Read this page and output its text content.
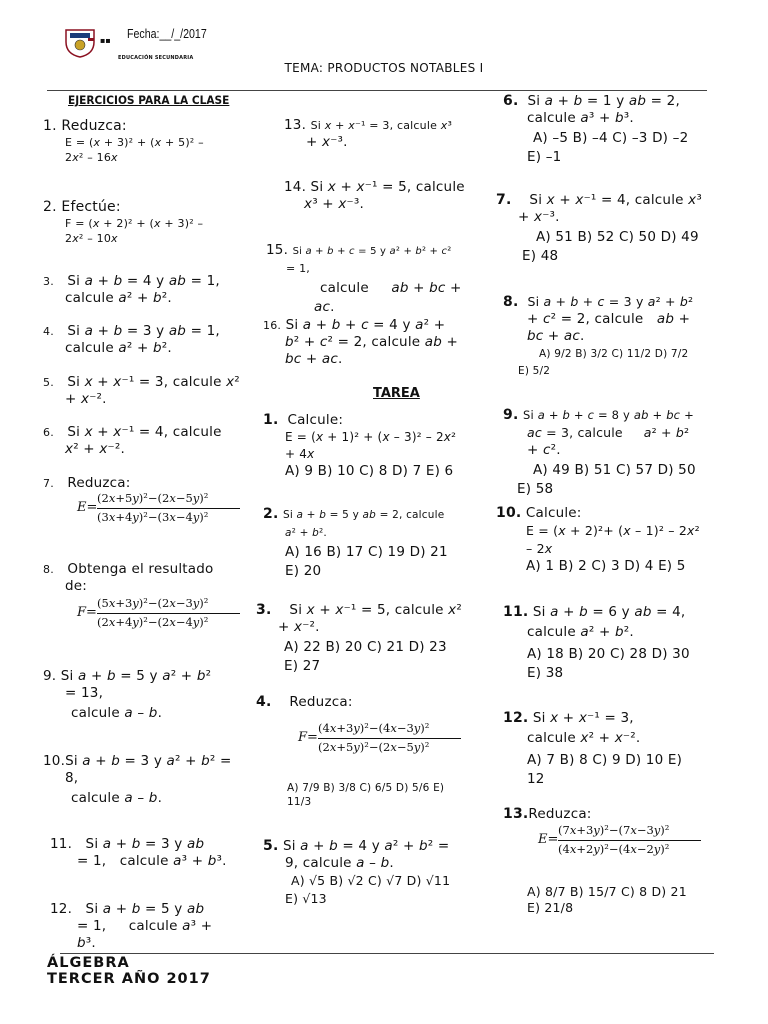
▪▪
EDUCACIÓN SECUNDARIA
Fecha:__/_/2017
TEMA: PRODUCTOS NOTABLES I
EJERCICIOS PARA LA CLASE
1. Reduzca:
E = (x + 3)² + (x + 5)² –
2x² – 16x
2. Efectúe:
F = (x + 2)² + (x + 3)² –
2x² – 10x
3.   Si a + b = 4 y ab = 1,
calcule a² + b².
4.   Si a + b = 3 y ab = 1,
calcule a² + b².
5.   Si x + x⁻¹ = 3, calcule x²
+ x⁻².
6.   Si x + x⁻¹ = 4, calcule
x² + x⁻².
7.   Reduzca:
E=
(2x+5y)²−(2x−5y)²
(3x+4y)²−(3x−4y)²
8.   Obtenga el resultado
de:
F=
(5x+3y)²−(2x−3y)²
(2x+4y)²−(2x−4y)²
9. Si a + b = 5 y a² + b²
= 13,
calcule a – b.
10.Si a + b = 3 y a² + b² =
8,
calcule a – b.
11.   Si a + b = 3 y ab
= 1,   calcule a³ + b³.
12.   Si a + b = 5 y ab
= 1,     calcule a³ +
b³.
13. Si x + x⁻¹ = 3, calcule x³
+ x⁻³.
14. Si x + x⁻¹ = 5, calcule
x³ + x⁻³.
15. Si a + b + c = 5 y a² + b² + c²
= 1,
calcule     ab + bc +
ac.
16. Si a + b + c = 4 y a² +
b² + c² = 2, calcule ab +
bc + ac.
TAREA
1.  Calcule:
E = (x + 1)² + (x – 3)² – 2x²
+ 4x
A) 9 B) 10 C) 8 D) 7 E) 6
2. Si a + b = 5 y ab = 2, calcule
a² + b².
A) 16 B) 17 C) 19 D) 21
E) 20
3.    Si x + x⁻¹ = 5, calcule x²
+ x⁻².
A) 22 B) 20 C) 21 D) 23
E) 27
4.    Reduzca:
F=
(4x+3y)²−(4x−3y)²
(2x+5y)²−(2x−5y)²
A) 7/9 B) 3/8 C) 6/5 D) 5/6 E)
11/3
5. Si a + b = 4 y a² + b² =
9, calcule a – b.
A) √5 B) √2 C) √7 D) √11
E) √13
6.  Si a + b = 1 y ab = 2,
calcule a³ + b³.
A) –5 B) –4 C) –3 D) –2
E) –1
7.    Si x + x⁻¹ = 4, calcule x³
+ x⁻³.
A) 51 B) 52 C) 50 D) 49
E) 48
8. Si a + b + c = 3 y a² + b²
+ c² = 2, calcule   ab +
bc + ac.
A) 9/2 B) 3/2 C) 11/2 D) 7/2
E) 5/2
9. Si a + b + c = 8 y ab + bc +
ac = 3, calcule     a² + b²
+ c².
A) 49 B) 51 C) 57 D) 50
E) 58
10. Calcule:
E = (x + 2)²+ (x – 1)² – 2x²
– 2x
A) 1 B) 2 C) 3 D) 4 E) 5
11. Si a + b = 6 y ab = 4,
calcule a² + b².
A) 18 B) 20 C) 28 D) 30
E) 38
12. Si x + x⁻¹ = 3,
calcule x² + x⁻².
A) 7 B) 8 C) 9 D) 10 E)
12
13.Reduzca:
E=
(7x+3y)²−(7x−3y)²
(4x+2y)²−(4x−2y)²
A) 8/7 B) 15/7 C) 8 D) 21
E) 21/8
ÁLGEBRA
TERCER AÑO 2017
